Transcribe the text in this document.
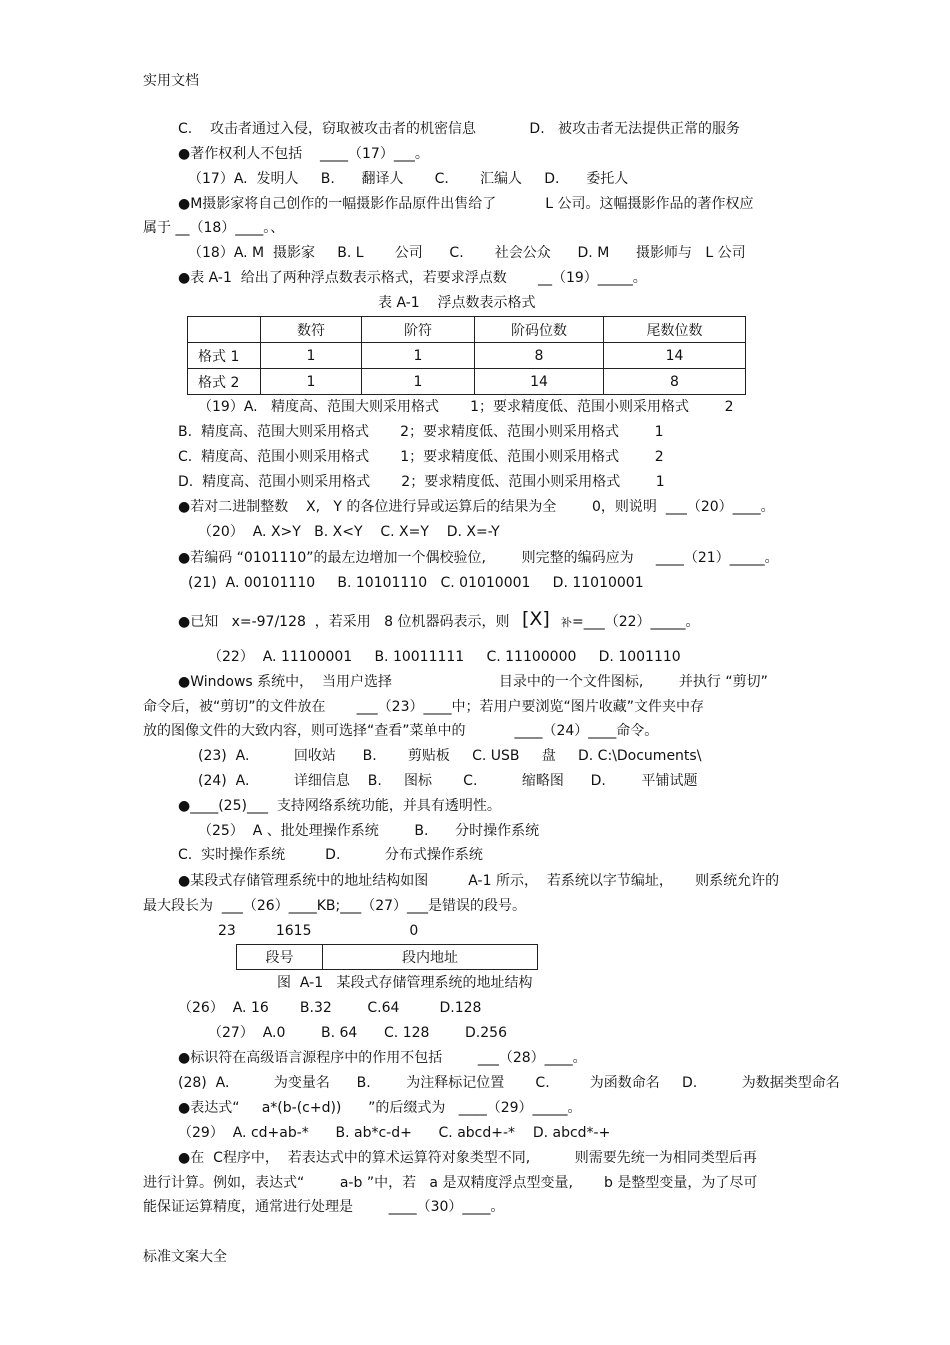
实用文档
C.    攻击者通过入侵，窃取被攻击者的机密信息            D.   被攻击者无法提供正常的服务
●著作权利人不包括    ____（17）___。
（17）A.  发明人     B.      翻译人       C.       汇编人     D.      委托人
●M摄影家将自己创作的一幅摄影作品原件出售给了           L 公司。这幅摄影作品的著作权应
属于 __（18）____。、
（18）A. M  摄影家     B. L       公司      C.       社会公众      D. M      摄影师与   L 公司
●表 A-1  给出了两种浮点数表示格式，若要求浮点数       __（19）_____。
表 A-1    浮点数表示格式
	数符	阶符	阶码位数	尾数位数
格式 1	1	1	8	14
格式 2	1	1	14	8
（19）A.   精度高、范围大则采用格式       1；要求精度低、范围小则采用格式        2
B.  精度高、范围大则采用格式       2；要求精度低、范围小则采用格式        1
C.  精度高、范围小则采用格式       1；要求精度低、范围小则采用格式        2
D.  精度高、范围小则采用格式       2；要求精度低、范围小则采用格式        1
●若对二进制整数    X,   Y 的各位进行异或运算后的结果为全        0，则说明  ___（20）____。
（20）  A. X>Y   B. X<Y    C. X=Y    D. X=-Y
●若编码 “0101110”的最左边增加一个偶校验位,        则完整的编码应为     ____（21）_____。
(21)  A. 00101110     B. 10101110   C. 01010001     D. 11010001
●已知   x=-97/128  ，若采用   8 位机器码表示，则 [X] 补=___（22）_____。
（22）  A. 11100001     B. 10011111     C. 11100000     D. 1001110
●Windows 系统中，  当用户选择                        目录中的一个文件图标,        并执行 “剪切”
命令后，被“剪切”的文件放在       ___（23）____中；若用户要浏览“图片收藏”文件夹中存
放的图像文件的大致内容，则可选择“查看”菜单中的           ____（24）____命令。
(23)  A.          回收站      B.       剪贴板     C. USB     盘     D. C:\Documents\
(24)  A.          详细信息    B.     图标       C.          缩略图      D.        平铺试题
●____(25)___  支持网络系统功能，并具有透明性。
（25）  A 、批处理操作系统        B.      分时操作系统
C.  实时操作系统         D.          分布式操作系统
●某段式存储管理系统中的地址结构如图         A-1 所示，  若系统以字节编址，     则系统允许的
最大段长为  ___（26）____KB;___（27）___是错误的段号。
23         1615                      0
段号	段内地址
图  A-1   某段式存储管理系统的地址结构
（26）  A. 16       B.32        C.64         D.128
（27）  A.0        B. 64      C. 128        D.256
●标识符在高级语言源程序中的作用不包括        ___（28）____。
(28)  A.          为变量名      B.        为注释标记位置       C.         为函数命名     D.          为数据类型命名
●表达式“     a*(b-(c+d))      ”的后缀式为   ____（29）_____。
（29）  A. cd+ab-*      B. ab*c-d+      C. abcd+-*    D. abcd*-+
●在  C程序中，  若表达式中的算术运算符对象类型不同,          则需要先统一为相同类型后再
进行计算。例如，表达式“        a-b ”中，若   a 是双精度浮点型变量,       b 是整型变量，为了尽可
能保证运算精度，通常进行处理是        ____（30）____。
标准文案大全
